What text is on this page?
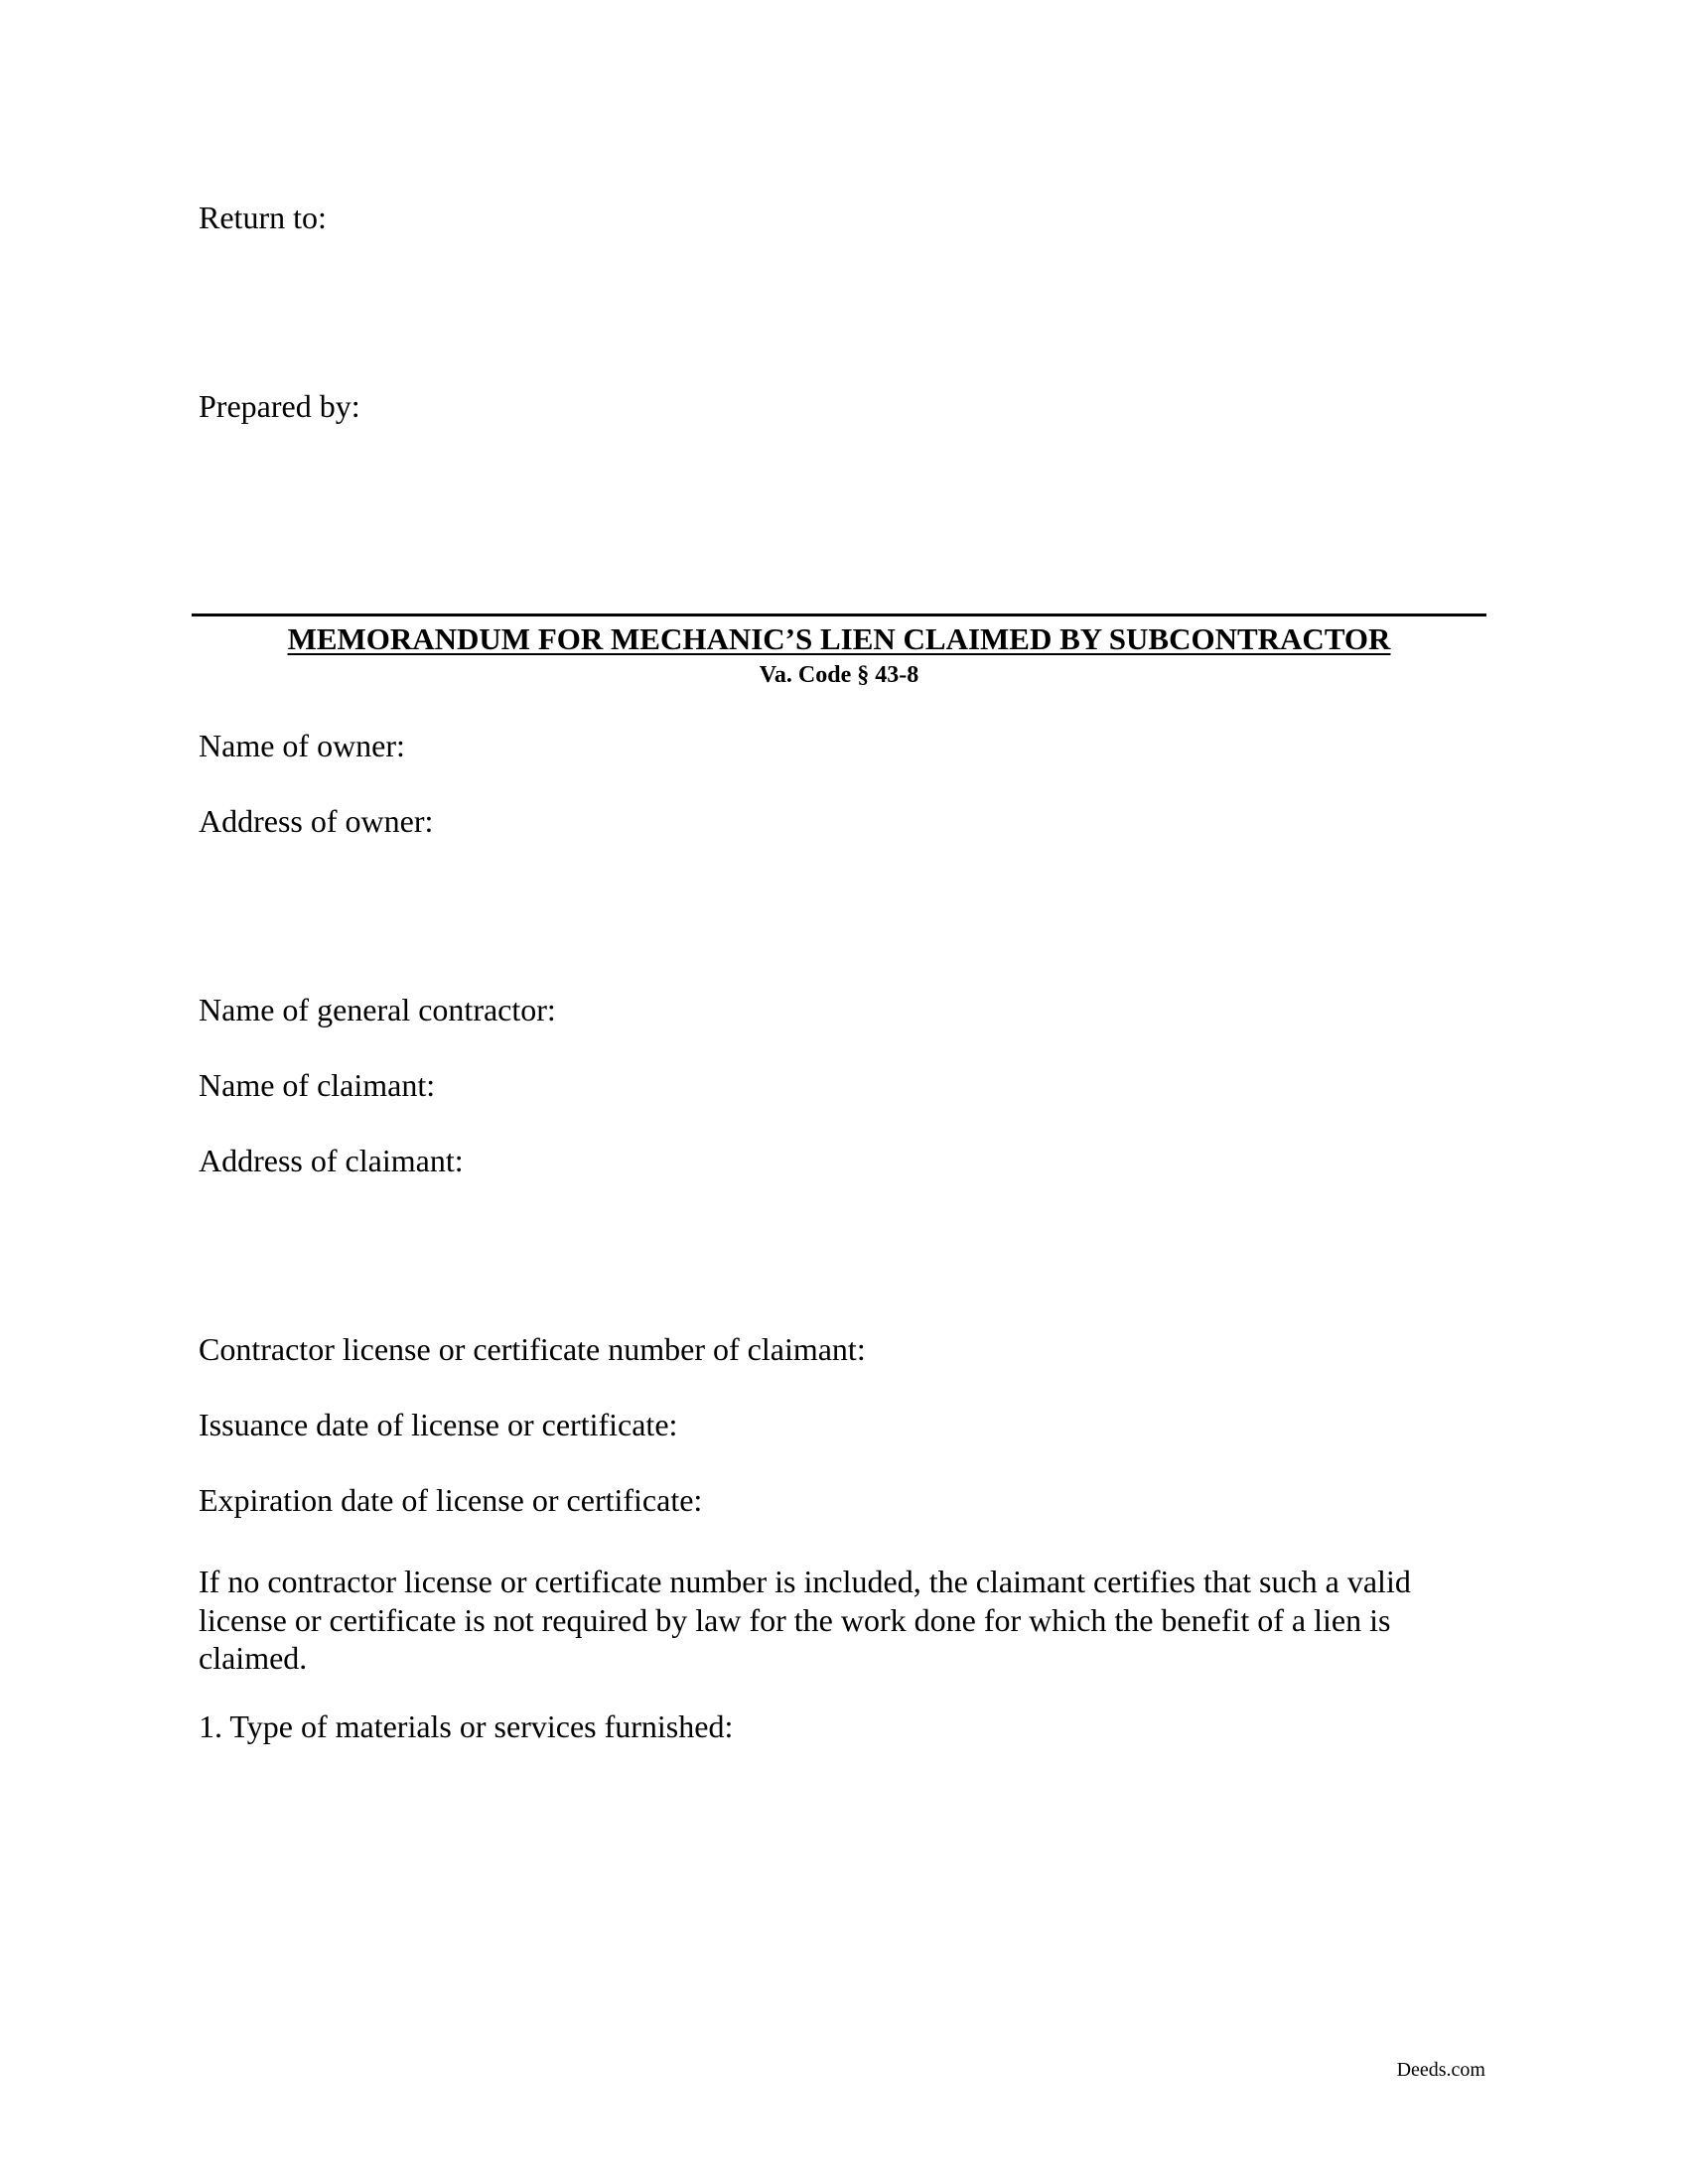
Return to:
Prepared by:
MEMORANDUM FOR MECHANIC’S LIEN CLAIMED BY SUBCONTRACTOR
Va. Code § 43-8
Name of owner:
Address of owner:
Name of general contractor:
Name of claimant:
Address of claimant:
Contractor license or certificate number of claimant:
Issuance date of license or certificate:
Expiration date of license or certificate:
If no contractor license or certificate number is included, the claimant certifies that such a valid
license or certificate is not required by law for the work done for which the benefit of a lien is
claimed.
1. Type of materials or services furnished:
Deeds.com
